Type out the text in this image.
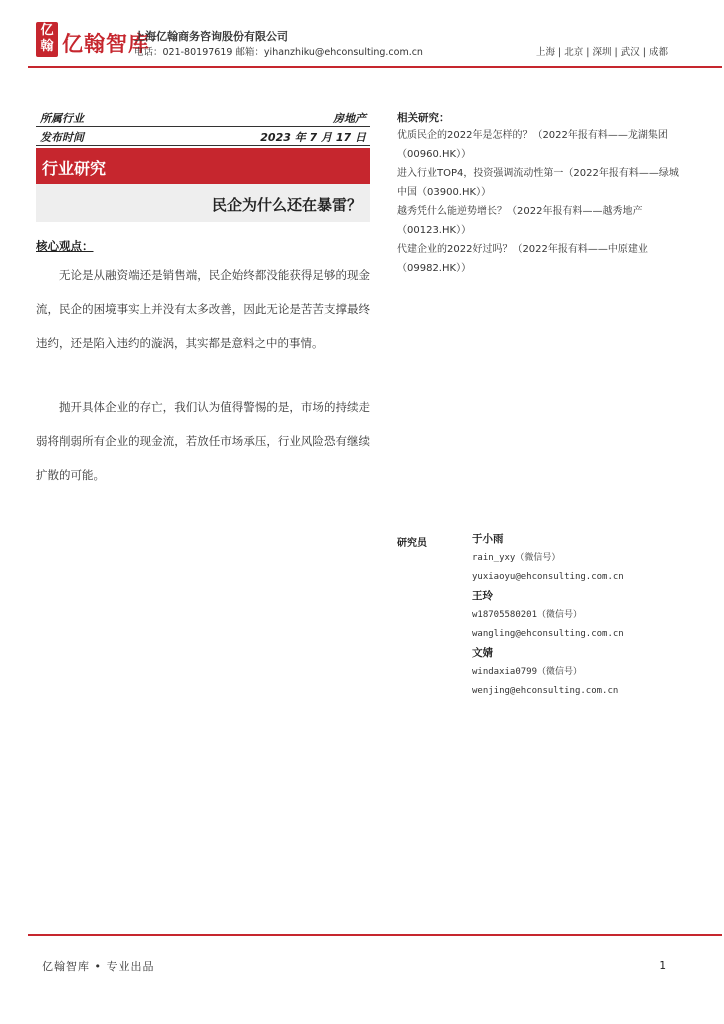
亿翰 亿翰智库
上海亿翰商务咨询股份有限公司
电话：021-80197619 邮箱：yihanzhiku@ehconsulting.com.cn	上海 | 北京 | 深圳 | 武汉 | 成都
所属行业	房地产
发布时间	2023 年 7 月 17 日
行业研究
民企为什么还在暴雷？
核心观点：

无论是从融资端还是销售端，民企始终都没能获得足够的现金流，民企的困境事实上并没有太多改善，因此无论是苦苦支撑最终违约，还是陷入违约的漩涡，其实都是意料之中的事情。

抛开具体企业的存亡，我们认为值得警惕的是，市场的持续走弱将削弱所有企业的现金流，若放任市场承压，行业风险恐有继续扩散的可能。

相关研究：

优质民企的2022年是怎样的？（2022年报有料——龙湖集团（00960.HK））

进入行业TOP4，投资强调流动性第一（2022年报有料——绿城中国（03900.HK））

越秀凭什么能逆势增长？（2022年报有料——越秀地产（00123.HK））

代建企业的2022好过吗？（2022年报有料——中原建业（09982.HK））

研究员	于小雨
rain_yxy（微信号）
yuxiaoyu@ehconsulting.com.cn
王玲
w18705580201（微信号）
wangling@ehconsulting.com.cn
文婧
windaxia0799（微信号）
wenjing@ehconsulting.com.cn
亿翰智库 • 专业出品	1
